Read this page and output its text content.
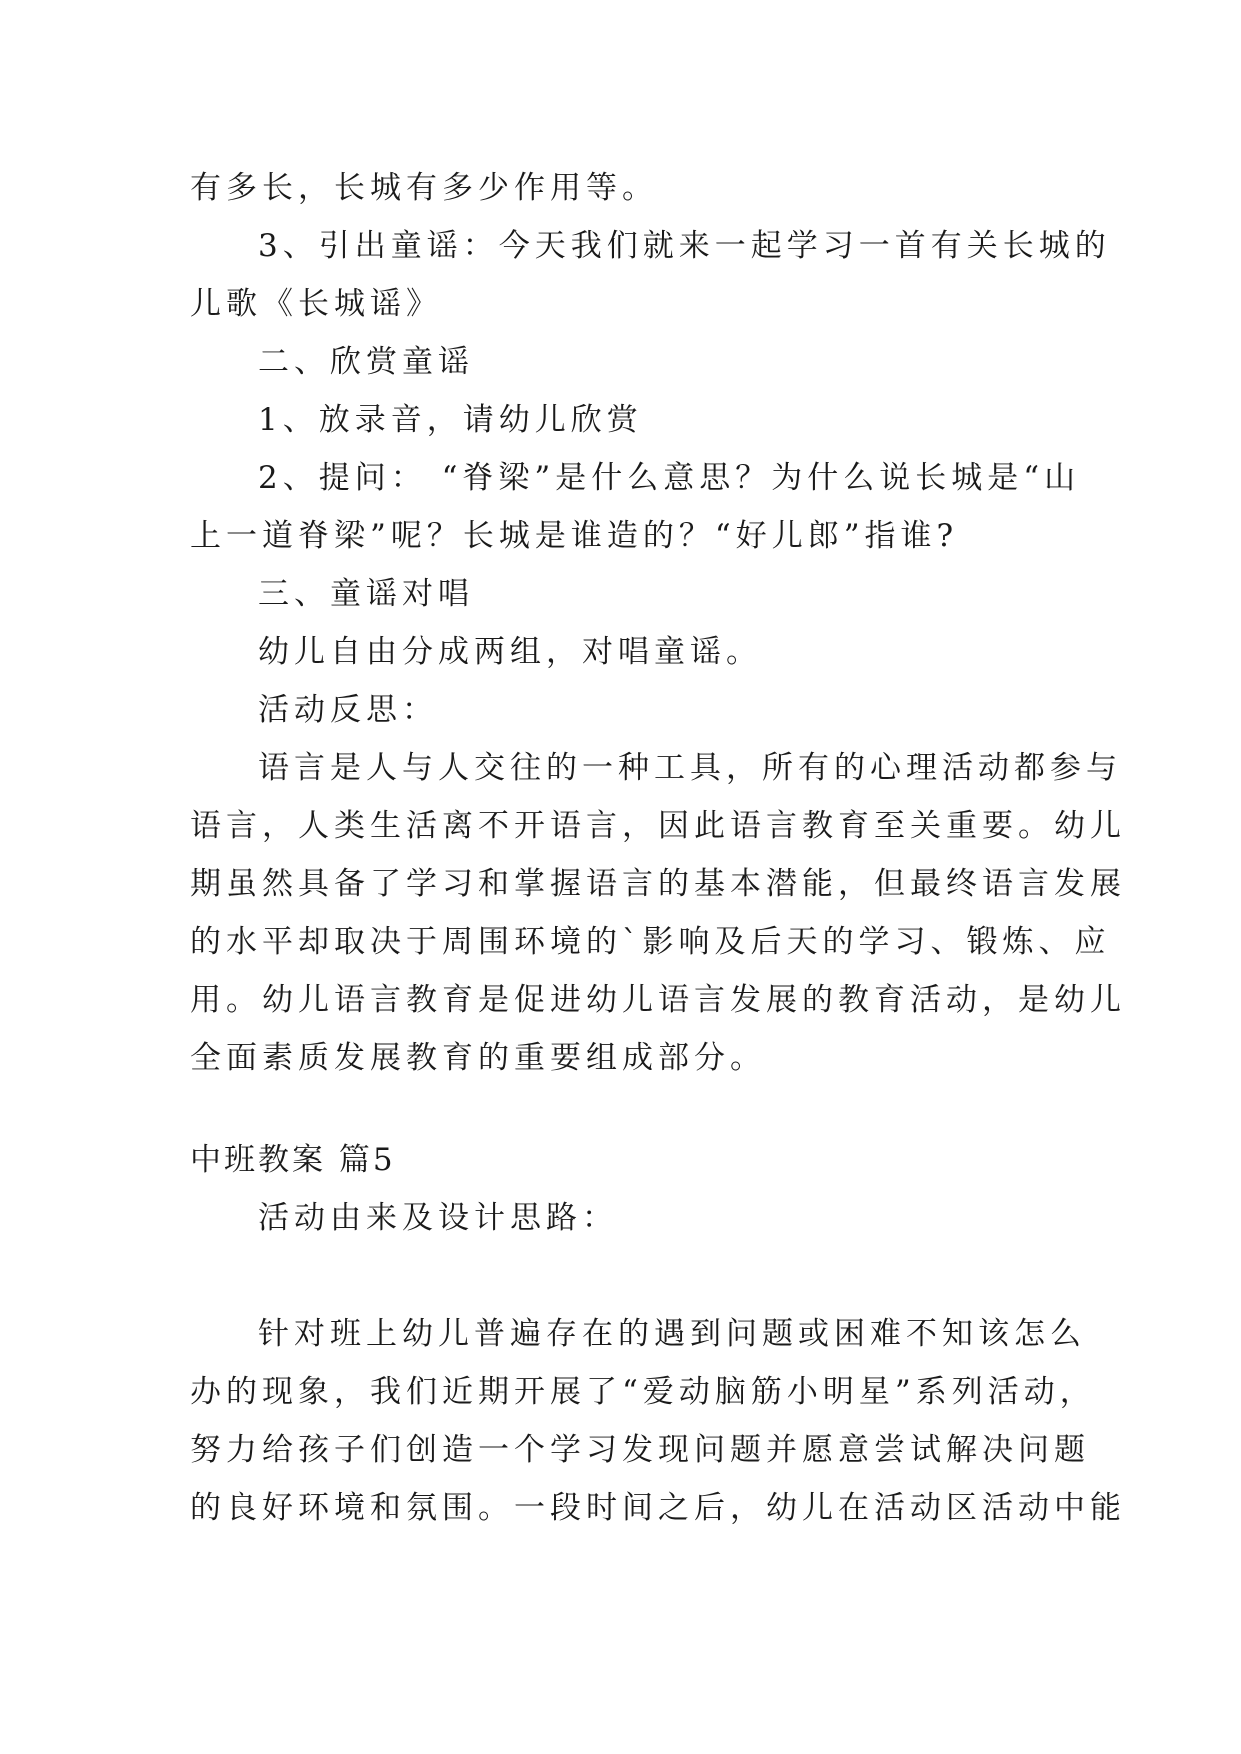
有多长，长城有多少作用等。
3、引出童谣：今天我们就来一起学习一首有关长城的
儿歌《长城谣》
二、欣赏童谣
1、放录音，请幼儿欣赏
2、提问： “脊梁”是什么意思？为什么说长城是“山
上一道脊梁”呢？长城是谁造的？“好儿郎”指谁?
三、童谣对唱
幼儿自由分成两组，对唱童谣。
活动反思：
语言是人与人交往的一种工具，所有的心理活动都参与
语言，人类生活离不开语言，因此语言教育至关重要。幼儿
期虽然具备了学习和掌握语言的基本潜能，但最终语言发展
的水平却取决于周围环境的`影响及后天的学习、锻炼、应
用。幼儿语言教育是促进幼儿语言发展的教育活动，是幼儿
全面素质发展教育的重要组成部分。
中班教案 篇5
活动由来及设计思路：
针对班上幼儿普遍存在的遇到问题或困难不知该怎么
办的现象，我们近期开展了“爱动脑筋小明星”系列活动，
努力给孩子们创造一个学习发现问题并愿意尝试解决问题
的良好环境和氛围。一段时间之后，幼儿在活动区活动中能
